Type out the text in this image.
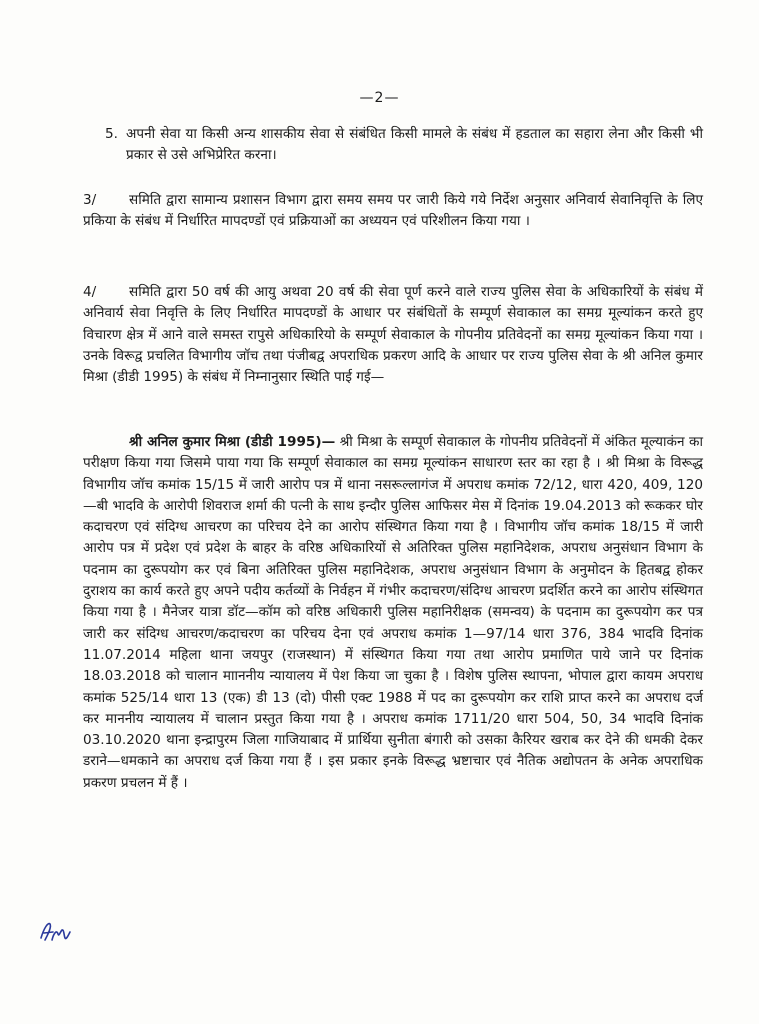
—2—
5. अपनी सेवा या किसी अन्य शासकीय सेवा से संबंधित किसी मामले के संबंध में हडताल का सहारा लेना और किसी भी प्रकार से उसे अभिप्रेरित करना।
3/ समिति द्वारा सामान्य प्रशासन विभाग द्वारा समय समय पर जारी किये गये निर्देश अनुसार अनिवार्य सेवानिवृत्ति के लिए प्रकिया के संबंध में निर्धारित मापदण्डों एवं प्रक्रियाओं का अध्ययन एवं परिशीलन किया गया ।
4/ समिति द्वारा 50 वर्ष की आयु अथवा 20 वर्ष की सेवा पूर्ण करने वाले राज्य पुलिस सेवा के अधिकारियों के संबंध में अनिवार्य सेवा निवृत्ति के लिए निर्धारित मापदण्डों के आधार पर संबंधितों के सम्पूर्ण सेवाकाल का समग्र मूल्यांकन करते हुए विचारण क्षेत्र में आने वाले समस्त रापुसे अधिकारियो के सम्पूर्ण सेवाकाल के गोपनीय प्रतिवेदनों का समग्र मूल्यांकन किया गया । उनके विरूद्व प्रचलित विभागीय जॉच तथा पंजीबद्व अपराधिक प्रकरण आदि के आधार पर राज्य पुलिस सेवा के श्री अनिल कुमार मिश्रा (डीडी 1995) के संबंध में निम्नानुसार स्थिति पाई गई—
श्री अनिल कुमार मिश्रा (डीडी 1995)— श्री मिश्रा के सम्पूर्ण सेवाकाल के गोपनीय प्रतिवेदनों में अंकित मूल्याकंन का परीक्षण किया गया जिसमे पाया गया कि सम्पूर्ण सेवाकाल का समग्र मूल्यांकन साधारण स्तर का रहा है । श्री मिश्रा के विरूद्ध विभागीय जॉच कमांक 15/15 में जारी आरोप पत्र में थाना नसरूल्लागंज में अपराध कमांक 72/12, धारा 420, 409, 120—बी भादवि के आरोपी शिवराज शर्मा की पत्नी के साथ इन्दौर पुलिस आफिसर मेस में दिनांक 19.04.2013 को रूककर घोर कदाचरण एवं संदिग्ध आचरण का परिचय देने का आरोप संस्थिगत किया गया है । विभागीय जॉच कमांक 18/15 में जारी आरोप पत्र में प्रदेश एवं प्रदेश के बाहर के वरिष्ठ अधिकारियों से अतिरिक्त पुलिस महानिदेशक, अपराध अनुसंधान विभाग के पदनाम का दुरूपयोग कर एवं बिना अतिरिक्त पुलिस महानिदेशक, अपराध अनुसंधान विभाग के अनुमोदन के हितबद्व होकर दुराशय का कार्य करते हुए अपने पदीय कर्तव्यों के निर्वहन में गंभीर कदाचरण/संदिग्ध आचरण प्रदर्शित करने का आरोप संस्थिगत किया गया है । मैनेजर यात्रा डॉट—कॉम को वरिष्ठ अधिकारी पुलिस महानिरीक्षक (समन्वय) के पदनाम का दुरूपयोग कर पत्र जारी कर संदिग्ध आचरण/कदाचरण का परिचय देना एवं अपराध कमांक 1—97/14 धारा 376, 384 भादवि दिनांक 11.07.2014 महिला थाना जयपुर (राजस्थान) में संस्थिगत किया गया तथा आरोप प्रमाणित पाये जाने पर दिनांक 18.03.2018 को चालान मााननीय न्यायालय में पेश किया जा चुका है । विशेष पुलिस स्थापना, भोपाल द्वारा कायम अपराध कमांक 525/14 धारा 13 (एक) डी 13 (दो) पीसी एक्ट 1988 में पद का दुरूपयोग कर राशि प्राप्त करने का अपराध दर्ज कर माननीय न्यायालय में चालान प्रस्तुत किया गया है । अपराध कमांक 1711/20 धारा 504, 50, 34 भादवि दिनांक 03.10.2020 थाना इन्द्रापुरम जिला गाजियाबाद में प्रार्थिया सुनीता बंगारी को उसका कैरियर खराब कर देने की धमकी देकर डराने—धमकाने का अपराध दर्ज किया गया हैं । इस प्रकार इनके विरूद्ध भ्रष्टाचार एवं नैतिक अद्योपतन के अनेक अपराधिक प्रकरण प्रचलन में हैं ।
